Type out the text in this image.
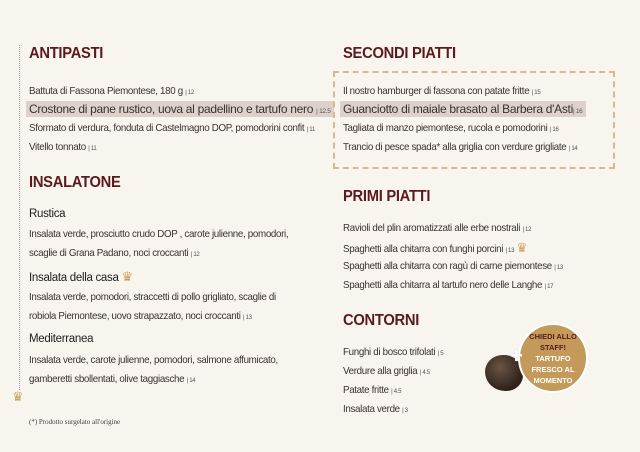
ANTIPASTI
Battuta di Fassona Piemontese, 180 g | 12
Crostone di pane rustico, uova al padellino e tartufo nero | 12.5
Sformato di verdura, fonduta di Castelmagno DOP, pomodorini confit | 11
Vitello tonnato | 11
INSALATONE
Rustica
Insalata verde, prosciutto crudo DOP , carote julienne, pomodori,
scaglie di Grana Padano, noci croccanti | 12
Insalata della casa ♛
Insalata verde, pomodori, straccetti di pollo grigliato, scaglie di
robiola Piemontese, uovo strapazzato, noci croccanti | 13
Mediterranea
Insalata verde, carote julienne, pomodori, salmone affumicato,
gamberetti sbollentati, olive taggiasche | 14
♛
(*) Prodotto surgelato all'origine
SECONDI PIATTI
Il nostro hamburger di fassona con patate fritte | 15
Guanciotto di maiale brasato al Barbera d'Asti| 16
Tagliata di manzo piemontese, rucola e pomodorini | 16
Trancio di pesce spada* alla griglia con verdure grigliate | 14
PRIMI PIATTI
Ravioli del plin aromatizzati alle erbe nostrali | 12
Spaghetti alla chitarra con funghi porcini | 13 ♛
Spaghetti alla chitarra con ragù di carne piemontese | 13
Spaghetti alla chitarra al tartufo nero delle Langhe | 17
CONTORNI
Funghi di bosco trifolati | 5
Verdure alla griglia | 4.5
Patate fritte | 4.5
Insalata verde | 3
CHIEDI ALLO STAFF! TARTUFO FRESCO AL MOMENTO
+
